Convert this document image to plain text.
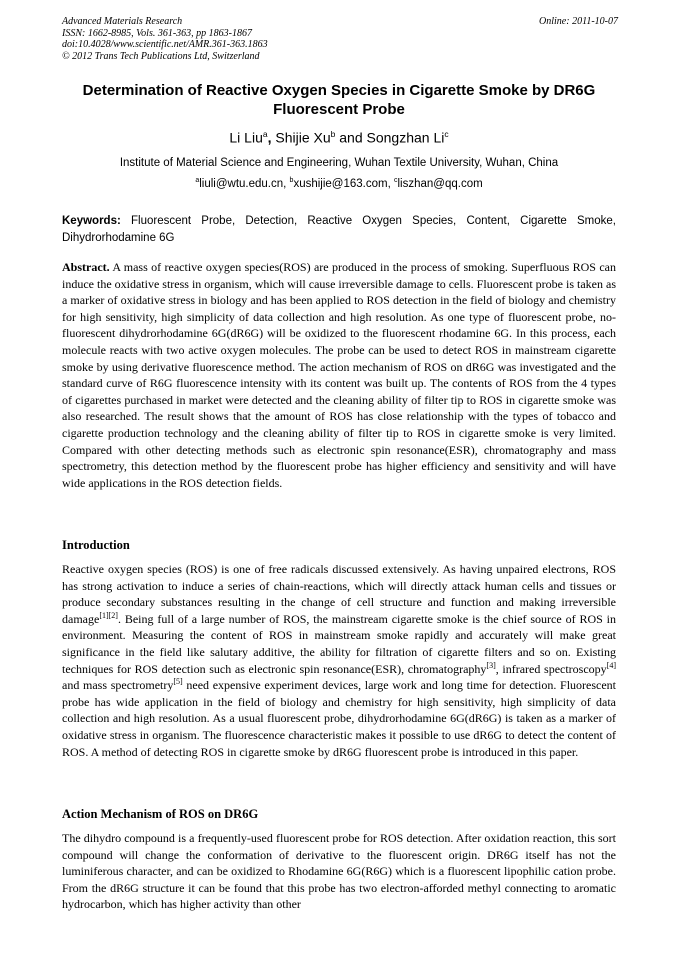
Advanced Materials Research
ISSN: 1662-8985, Vols. 361-363, pp 1863-1867
doi:10.4028/www.scientific.net/AMR.361-363.1863
© 2012 Trans Tech Publications Ltd, Switzerland
Online: 2011-10-07
Determination of Reactive Oxygen Species in Cigarette Smoke by DR6G
Fluorescent Probe
Li Liu$^a$, Shijie Xu$^b$ and Songzhan Li$^c$
Institute of Material Science and Engineering, Wuhan Textile University, Wuhan, China
$^a$liuli@wtu.edu.cn, $^b$xushijie@163.com, $^c$liszhan@qq.com
Keywords: Fluorescent Probe, Detection, Reactive Oxygen Species, Content, Cigarette Smoke, Dihydrorhodamine 6G
Abstract. A mass of reactive oxygen species(ROS) are produced in the process of smoking. Superfluous ROS can induce the oxidative stress in organism, which will cause irreversible damage to cells. Fluorescent probe is taken as a marker of oxidative stress in biology and has been applied to ROS detection in the field of biology and chemistry for high sensitivity, high simplicity of data collection and high resolution. As one type of fluorescent probe, no-fluorescent dihydrorhodamine 6G(dR6G) will be oxidized to the fluorescent rhodamine 6G. In this process, each molecule reacts with two active oxygen molecules. The probe can be used to detect ROS in mainstream cigarette smoke by using derivative fluorescence method. The action mechanism of ROS on dR6G was investigated and the standard curve of R6G fluorescence intensity with its content was built up. The contents of ROS from the 4 types of cigarettes purchased in market were detected and the cleaning ability of filter tip to ROS in cigarette smoke was also researched. The result shows that the amount of ROS has close relationship with the types of tobacco and cigarette production technology and the cleaning ability of filter tip to ROS in cigarette smoke is very limited. Compared with other detecting methods such as electronic spin resonance(ESR), chromatography and mass spectrometry, this detection method by the fluorescent probe has higher efficiency and sensitivity and will have wide applications in the ROS detection fields.
Introduction
Reactive oxygen species (ROS) is one of free radicals discussed extensively. As having unpaired electrons, ROS has strong activation to induce a series of chain-reactions, which will directly attack human cells and tissues or produce secondary substances resulting in the change of cell structure and function and making irreversible damage[1][2]. Being full of a large number of ROS, the mainstream cigarette smoke is the chief source of ROS in environment. Measuring the content of ROS in mainstream smoke rapidly and accurately will make great significance in the field like salutary additive, the ability for filtration of cigarette filters and so on. Existing techniques for ROS detection such as electronic spin resonance(ESR), chromatography[3], infrared spectroscopy[4] and mass spectrometry[5] need expensive experiment devices, large work and long time for detection. Fluorescent probe has wide application in the field of biology and chemistry for high sensitivity, high simplicity of data collection and high resolution. As a usual fluorescent probe, dihydrorhodamine 6G(dR6G) is taken as a marker of oxidative stress in organism. The fluorescence characteristic makes it possible to use dR6G to detect the content of ROS. A method of detecting ROS in cigarette smoke by dR6G fluorescent probe is introduced in this paper.
Action Mechanism of ROS on DR6G
The dihydro compound is a frequently-used fluorescent probe for ROS detection. After oxidation reaction, this sort compound will change the conformation of derivative to the fluorescent origin. DR6G itself has not the luminiferous character, and can be oxidized to Rhodamine 6G(R6G) which is a fluorescent lipophilic cation probe. From the dR6G structure it can be found that this probe has two electron-afforded methyl connecting to aromatic hydrocarbon, which has higher activity than other
